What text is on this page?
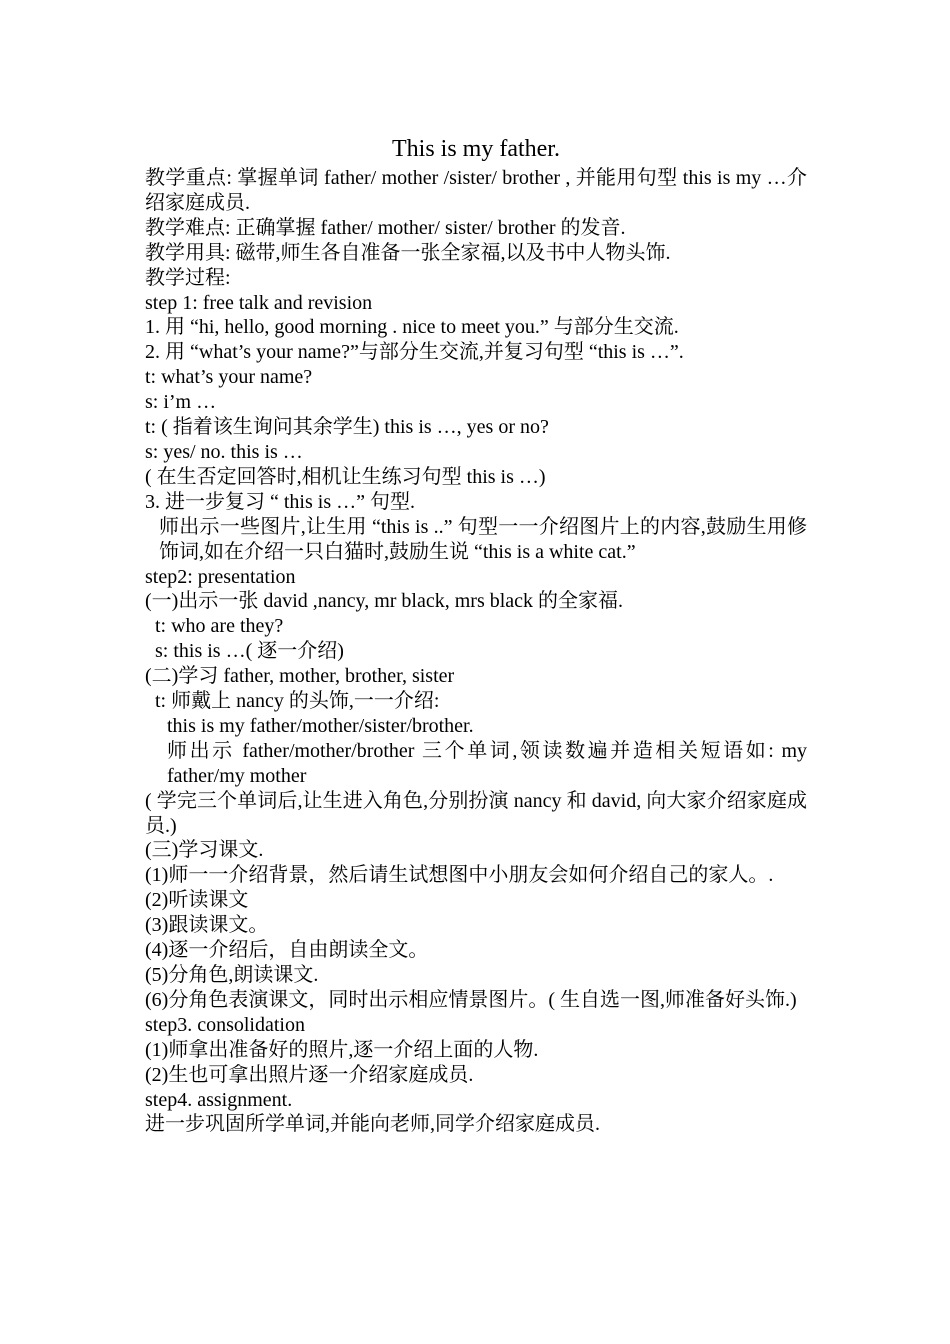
This is my father.

教学重点: 掌握单词 father/ mother /sister/ brother , 并能用句型 this is my …介绍家庭成员.

教学难点: 正确掌握 father/ mother/ sister/ brother 的发音.

教学用具: 磁带,师生各自准备一张全家福,以及书中人物头饰.

教学过程:

step 1: free talk and revision

1. 用 “hi, hello, good morning . nice to meet you.” 与部分生交流.

2. 用 “what’s your name?”与部分生交流,并复习句型 “this is …”.

t: what’s your name?

s: i’m …

t: ( 指着该生询问其余学生) this is …, yes or no?

s: yes/ no. this is …

( 在生否定回答时,相机让生练习句型 this is …)

3. 进一步复习 “ this is …” 句型.

师出示一些图片,让生用 “this is ..” 句型一一介绍图片上的内容,鼓励生用修饰词,如在介绍一只白猫时,鼓励生说 “this is a white cat.”

step2: presentation

(一)出示一张 david ,nancy, mr black, mrs black 的全家福.

t: who are they?

s: this is …( 逐一介绍)

(二)学习 father, mother, brother, sister

t: 师戴上 nancy 的头饰,一一介绍:

this is my father/mother/sister/brother.

师出示 father/mother/brother 三个单词,领读数遍并造相关短语如: my father/my mother

( 学完三个单词后,让生进入角色,分别扮演 nancy 和 david, 向大家介绍家庭成员.)

(三)学习课文.

(1)师一一介绍背景，然后请生试想图中小朋友会如何介绍自己的家人。.

(2)听读课文

(3)跟读课文。

(4)逐一介绍后，自由朗读全文。

(5)分角色,朗读课文.

(6)分角色表演课文，同时出示相应情景图片。( 生自选一图,师准备好头饰.)

step3. consolidation

(1)师拿出准备好的照片,逐一介绍上面的人物.

(2)生也可拿出照片逐一介绍家庭成员.

step4. assignment.

进一步巩固所学单词,并能向老师,同学介绍家庭成员.
